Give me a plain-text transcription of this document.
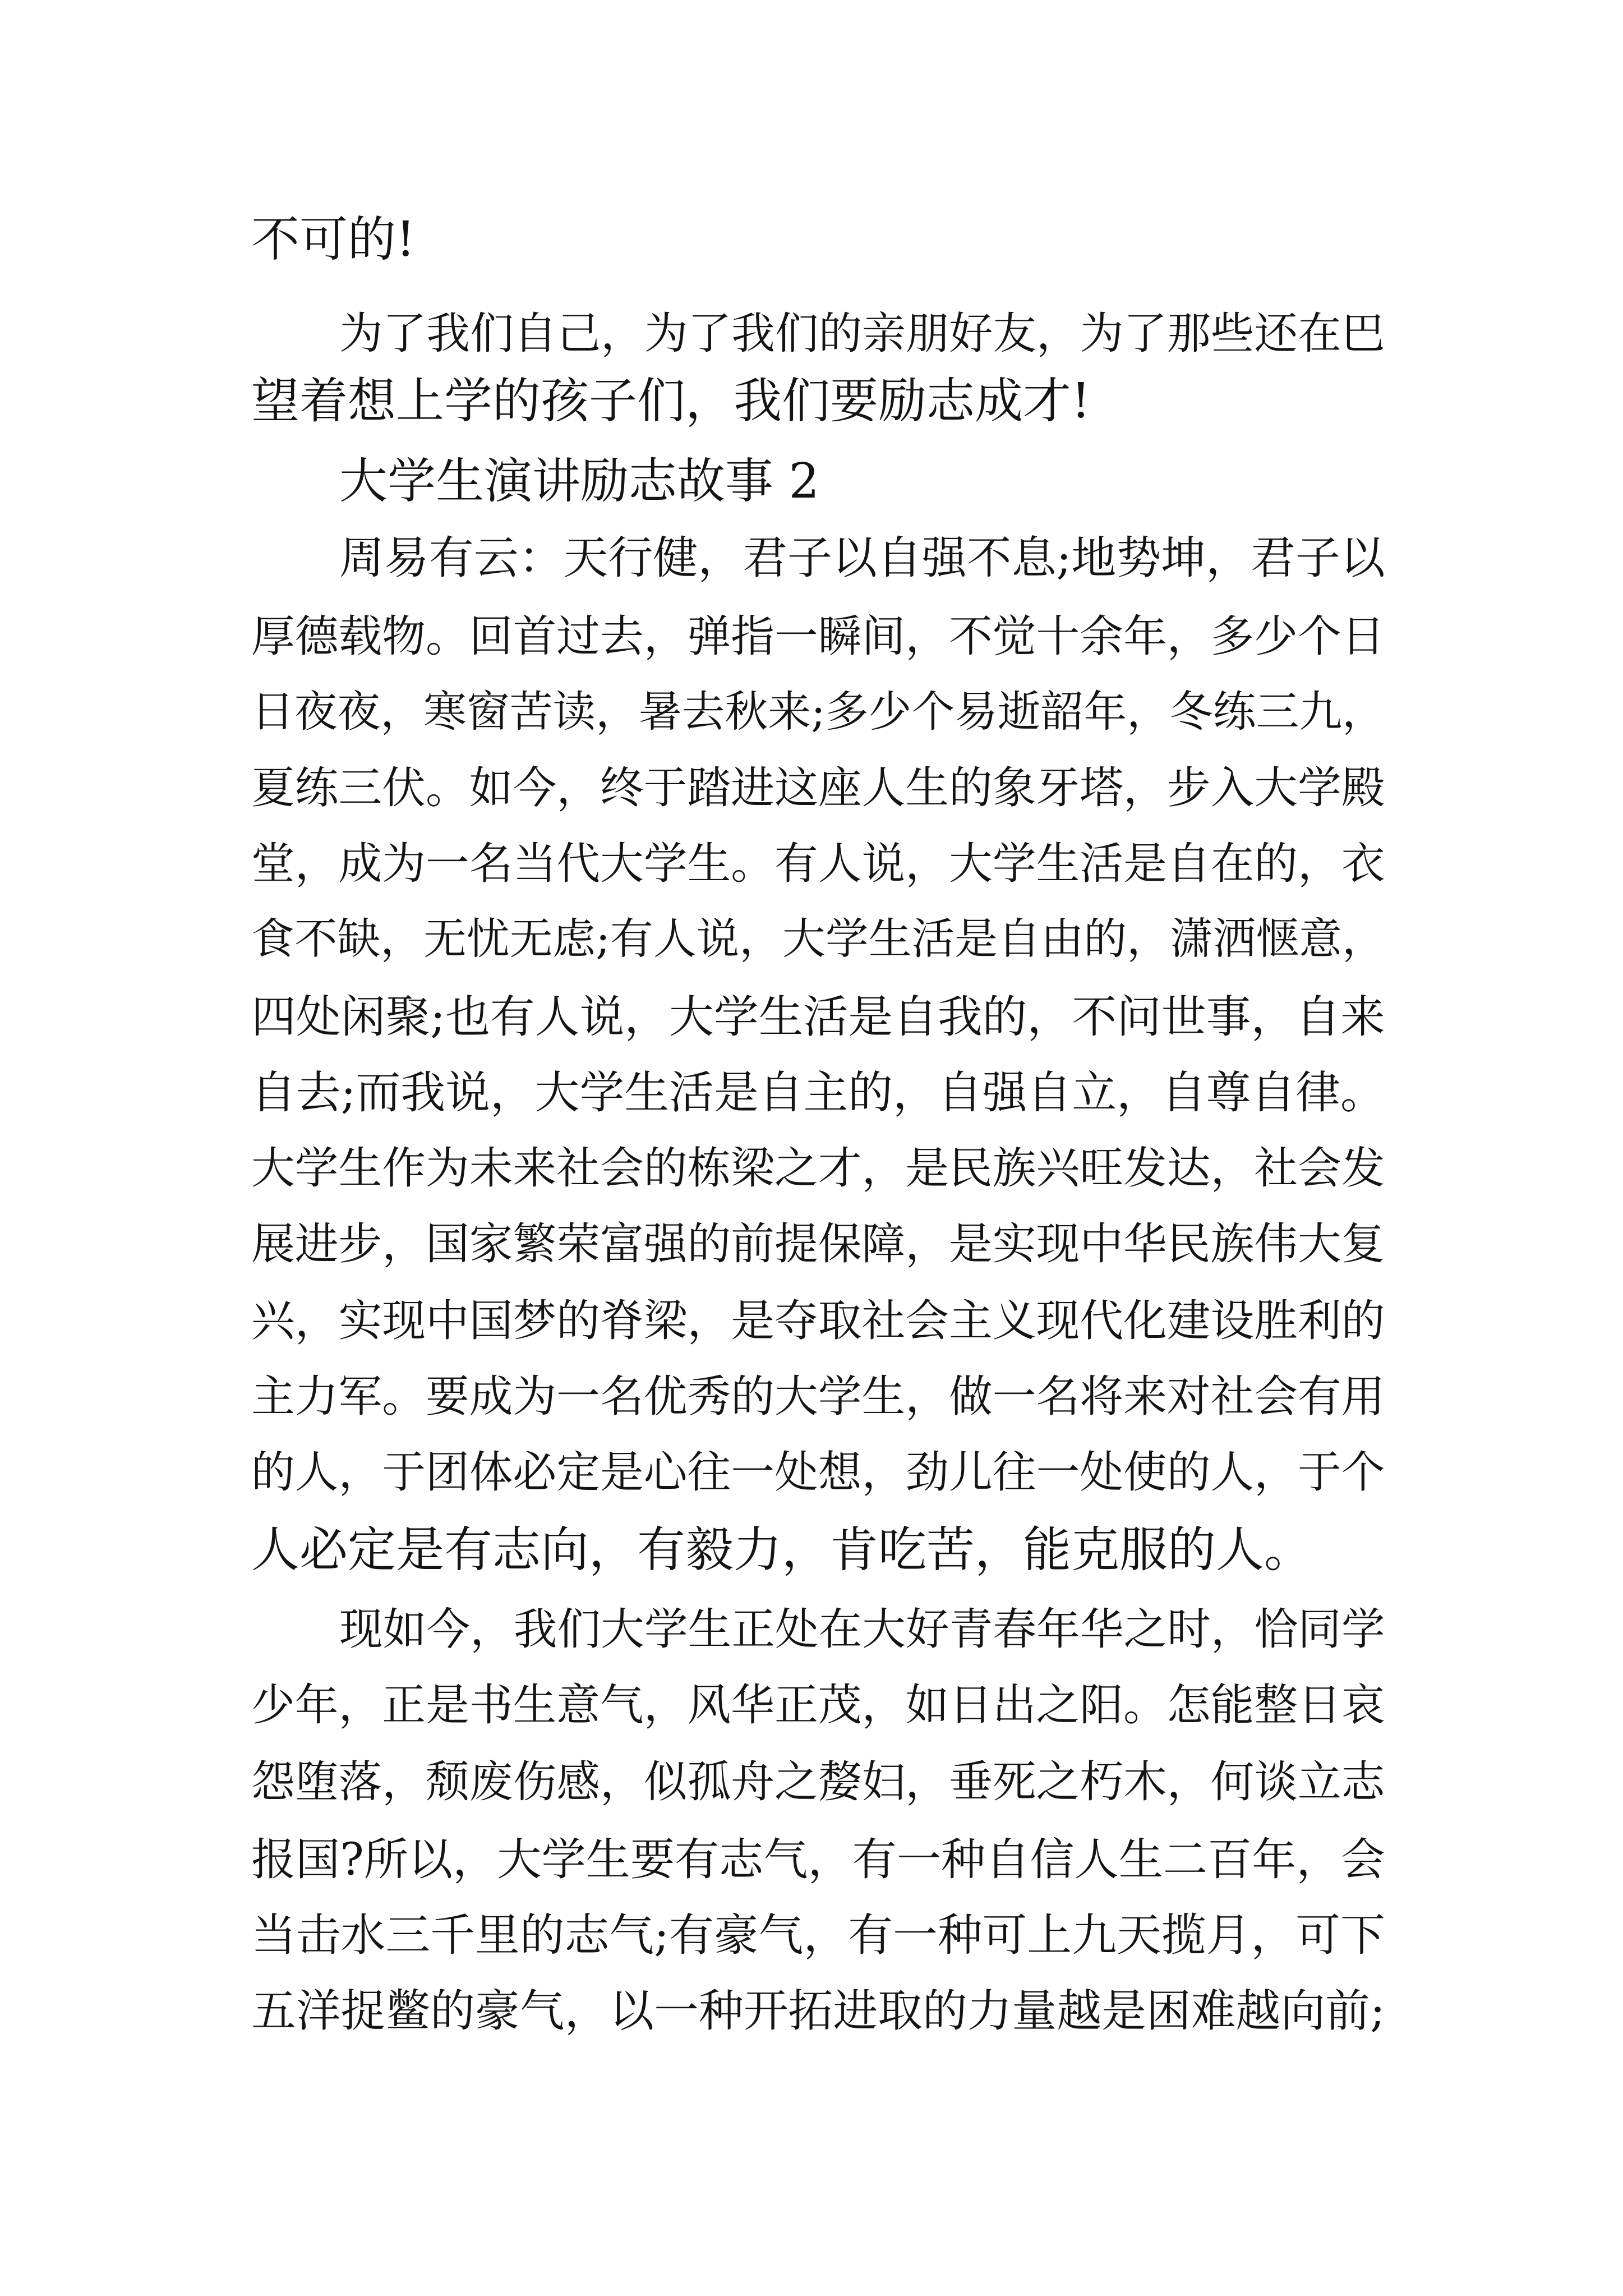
不可的!
为了我们自己，为了我们的亲朋好友，为了那些还在巴
望着想上学的孩子们，我们要励志成才!
大学生演讲励志故事 2
周易有云：天行健，君子以自强不息;地势坤，君子以
厚德载物。回首过去，弹指一瞬间，不觉十余年，多少个日
日夜夜，寒窗苦读，暑去秋来;多少个易逝韶年，冬练三九，
夏练三伏。如今，终于踏进这座人生的象牙塔，步入大学殿
堂，成为一名当代大学生。有人说，大学生活是自在的，衣
食不缺，无忧无虑;有人说，大学生活是自由的，潇洒惬意，
四处闲聚;也有人说，大学生活是自我的，不问世事，自来
自去;而我说，大学生活是自主的，自强自立，自尊自律。
大学生作为未来社会的栋梁之才，是民族兴旺发达，社会发
展进步，国家繁荣富强的前提保障，是实现中华民族伟大复
兴，实现中国梦的脊梁，是夺取社会主义现代化建设胜利的
主力军。要成为一名优秀的大学生，做一名将来对社会有用
的人，于团体必定是心往一处想，劲儿往一处使的人，于个
人必定是有志向，有毅力，肯吃苦，能克服的人。
现如今，我们大学生正处在大好青春年华之时，恰同学
少年，正是书生意气，风华正茂，如日出之阳。怎能整日哀
怨堕落，颓废伤感，似孤舟之嫠妇，垂死之朽木，何谈立志
报国?所以，大学生要有志气，有一种自信人生二百年，会
当击水三千里的志气;有豪气，有一种可上九天揽月，可下
五洋捉鳖的豪气，以一种开拓进取的力量越是困难越向前;
